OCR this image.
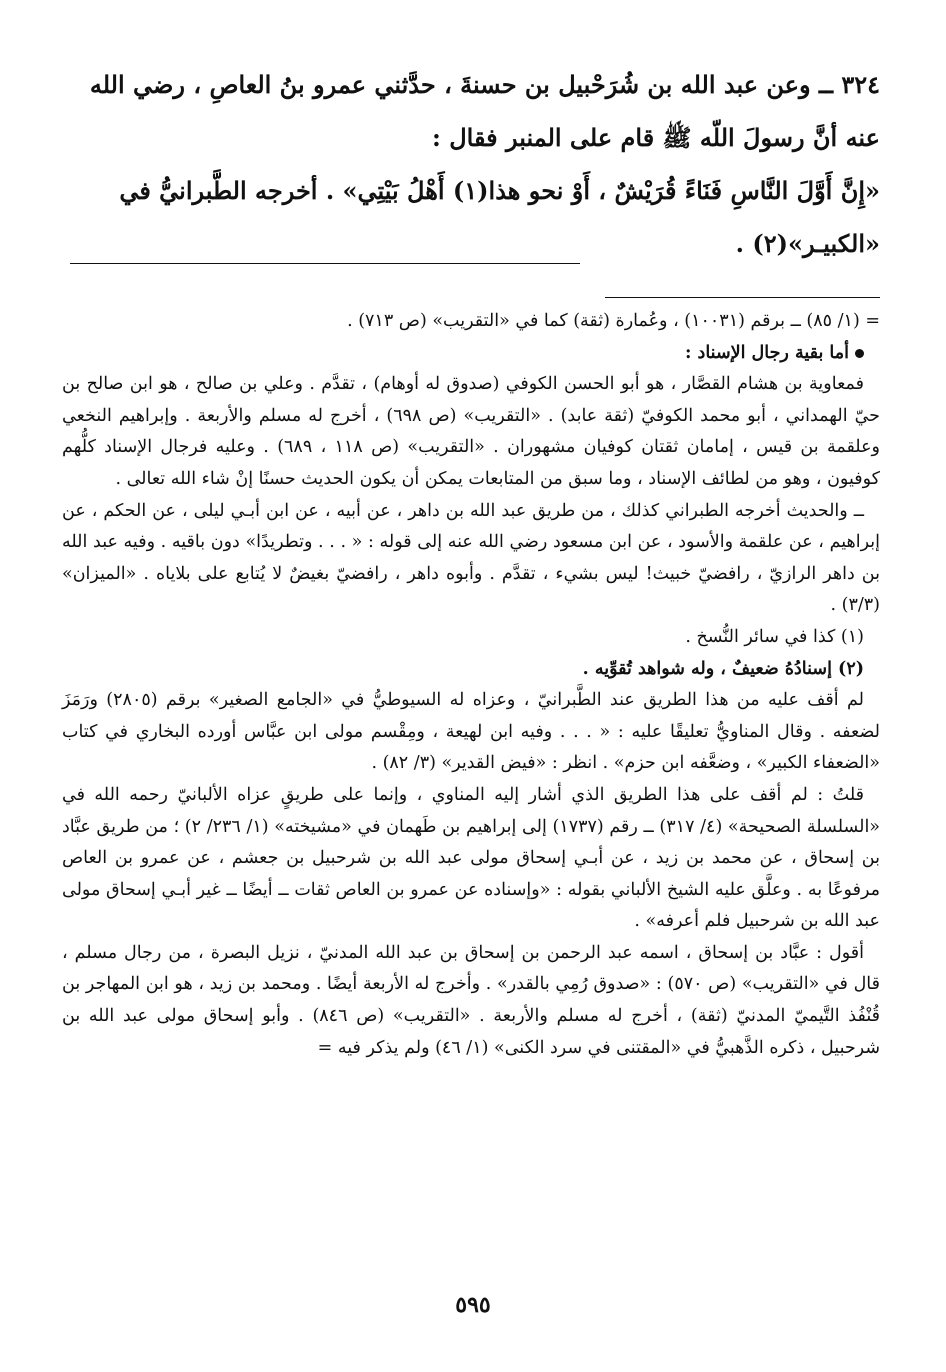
٣٢٤ ــ وعن عبد الله بن شُرَحْبيل بن حسنةَ ، حدَّثني عمرو بنُ العاصِ ، رضي الله

عنه أنَّ رسولَ اللّه ﷺ قام على المنبر فقال :

«إِنَّ أَوَّلَ النَّاسِ فَنَاءً قُرَيْشٌ ، أَوْ نحو هذا(١) أَهْلُ بَيْتِي» . أخرجه الطَّبرانيُّ في

«الكبيـر»(٢) .

= (١/ ٨٥) ــ برقم (١٠٠٣١) ، وعُمارة (ثقة) كما في «التقريب» (ص ٧١٣) .

أما بقية رجال الإسناد :

فمعاوية بن هشام القصَّار ، هو أبو الحسن الكوفي (صدوق له أوهام) ، تقدَّم . وعلي بن صالح ، هو ابن صالح بن حيّ الهمداني ، أبو محمد الكوفيّ (ثقة عابد) . «التقريب» (ص ٦٩٨) ، أخرج له مسلم والأربعة . وإبراهيم النخعي وعلقمة بن قيس ، إمامان ثقتان كوفيان مشهوران . «التقريب» (ص ١١٨ ، ٦٨٩) . وعليه فرجال الإسناد كلُّهم كوفيون ، وهو من لطائف الإسناد ، وما سبق من المتابعات يمكن أن يكون الحديث حسنًا إنْ شاء الله تعالى .

ــ والحديث أخرجه الطبراني كذلك ، من طريق عبد الله بن داهر ، عن أبيه ، عن ابن أبـي ليلى ، عن الحكم ، عن إبراهيم ، عن علقمة والأسود ، عن ابن مسعود رضي الله عنه إلى قوله : « . . . وتطريدًا» دون باقيه . وفيه عبد الله بن داهر الرازيّ ، رافضيّ خبيث! ليس بشيء ، تقدَّم . وأبوه داهر ، رافضيّ بغيضٌ لا يُتابع على بلاياه . «الميزان» (٣/٣) .

(١) كذا في سائر النُّسخ .

(٢) إسنادُهُ ضعيفٌ ، وله شواهد تُقوِّيه .

لم أقف عليه من هذا الطريق عند الطَّبرانيّ ، وعزاه له السيوطيُّ في «الجامع الصغير» برقم (٢٨٠٥) ورَمَزَ لضعفه . وقال المناويُّ تعليقًا عليه : « . . . وفيه ابن لهيعة ، ومِقْسم مولى ابن عبَّاس أورده البخاري في كتاب «الضعفاء الكبير» ، وضعَّفه ابن حزم» . انظر : «فيض القدير» (٣/ ٨٢) .

قلتُ : لم أقف على هذا الطريق الذي أشار إليه المناوي ، وإنما على طريقٍ عزاه الألبانيّ رحمه الله في «السلسلة الصحيحة» (٤/ ٣١٧) ــ رقم (١٧٣٧) إلى إبراهيم بن طَهمان في «مشيخته» (١/ ٢٣٦/ ٢) ؛ من طريق عبَّاد بن إسحاق ، عن محمد بن زيد ، عن أبـي إسحاق مولى عبد الله بن شرحبيل بن جعشم ، عن عمرو بن العاص مرفوعًا به . وعلَّق عليه الشيخ الألباني بقوله : «وإسناده عن عمرو بن العاص ثقات ــ أيضًا ــ غير أبـي إسحاق مولى عبد الله بن شرحبيل فلم أعرفه» .

أقول : عبَّاد بن إسحاق ، اسمه عبد الرحمن بن إسحاق بن عبد الله المدنيّ ، نزيل البصرة ، من رجال مسلم ، قال في «التقريب» (ص ٥٧٠) : «صدوق رُمِي بالقدر» . وأخرج له الأربعة أيضًا . ومحمد بن زيد ، هو ابن المهاجر بن قُنْفُذ التَّيميّ المدنيّ (ثقة) ، أخرج له مسلم والأربعة . «التقريب» (ص ٨٤٦) . وأبو إسحاق مولى عبد الله بن شرحبيل ، ذكره الذَّهبيُّ في «المقتنى في سرد الكنى» (١/ ٤٦) ولم يذكر فيه =

٥٩٥
